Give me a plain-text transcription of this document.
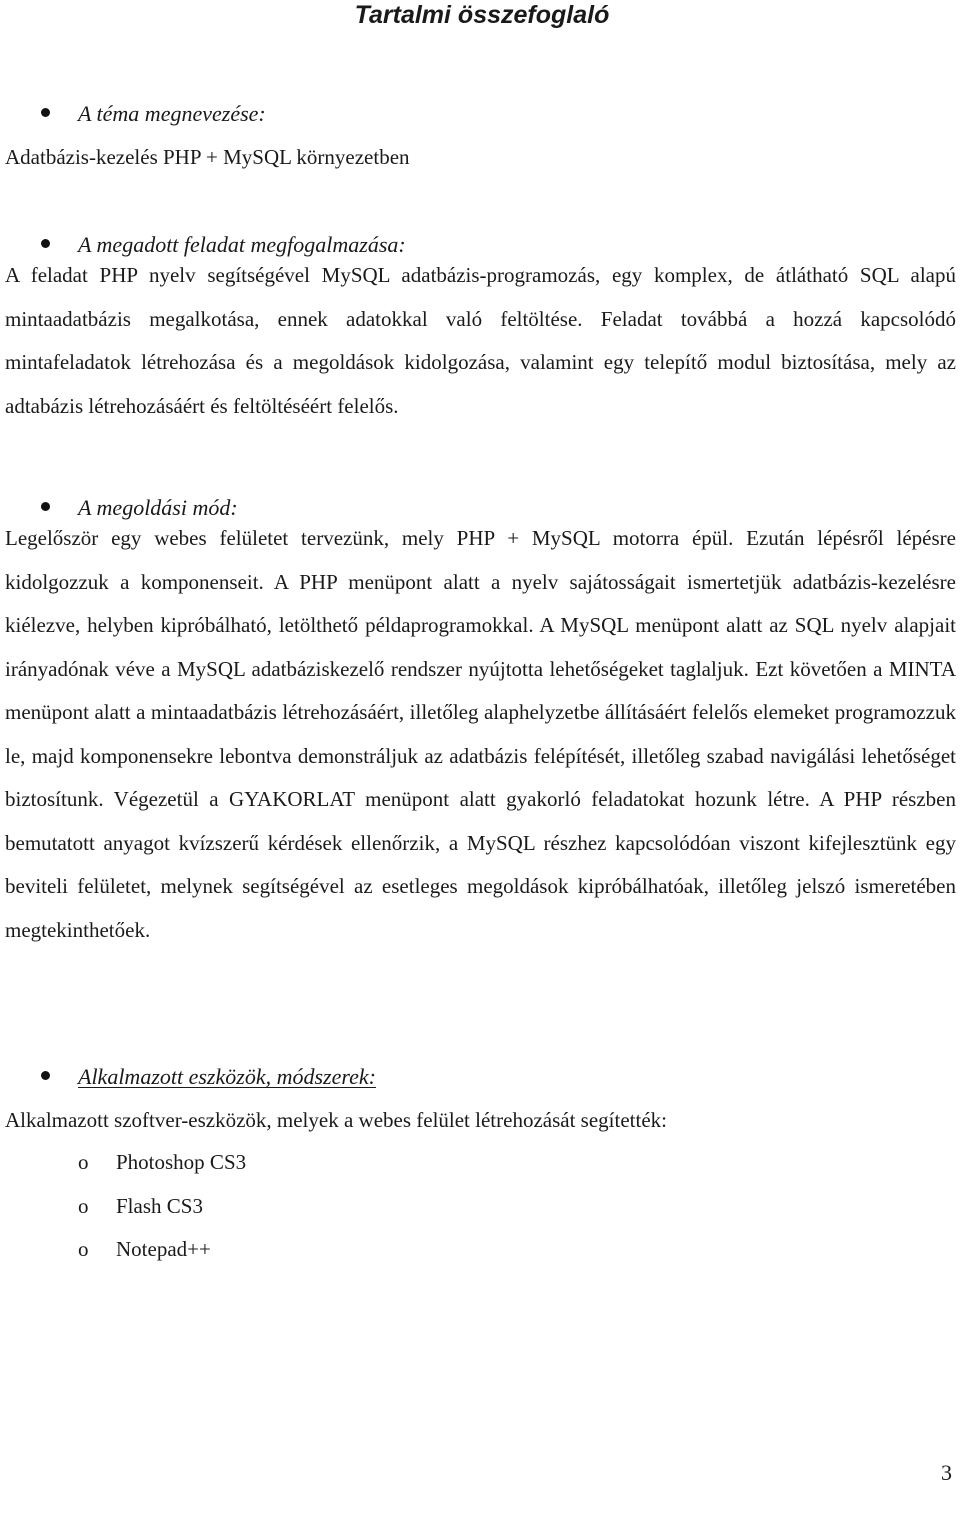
Tartalmi összefoglaló
A téma megnevezése:
Adatbázis-kezelés PHP + MySQL környezetben
A megadott feladat megfogalmazása:
A feladat PHP nyelv segítségével MySQL adatbázis-programozás, egy komplex, de átlátható SQL alapú mintaadatbázis megalkotása, ennek adatokkal való feltöltése. Feladat továbbá a hozzá kapcsolódó mintafeladatok létrehozása és a megoldások kidolgozása, valamint egy telepítő modul biztosítása, mely az adtabázis létrehozásáért és feltöltéséért felelős.
A megoldási mód:
Legelőször egy webes felületet tervezünk, mely PHP + MySQL motorra épül. Ezután lépésről lépésre kidolgozzuk a komponenseit. A PHP menüpont alatt a nyelv sajátosságait ismertetjük adatbázis-kezelésre kiélezve, helyben kipróbálható, letölthető példaprogramokkal. A MySQL menüpont alatt az SQL nyelv alapjait irányadónak véve a MySQL adatbáziskezelő rendszer nyújtotta lehetőségeket taglaljuk. Ezt követően a MINTA menüpont alatt a mintaadatbázis létrehozásáért, illetőleg alaphelyzetbe állításáért felelős elemeket programozzuk le, majd komponensekre lebontva demonstráljuk az adatbázis felépítését, illetőleg szabad navigálási lehetőséget biztosítunk. Végezetül a GYAKORLAT menüpont alatt gyakorló feladatokat hozunk létre. A PHP részben bemutatott anyagot kvízszerű kérdések ellenőrzik, a MySQL részhez kapcsolódóan viszont kifejlesztünk egy beviteli felületet, melynek segítségével az esetleges megoldások kipróbálhatóak, illetőleg jelszó ismeretében megtekinthetőek.
Alkalmazott eszközök, módszerek:
Alkalmazott szoftver-eszközök, melyek a webes felület létrehozását segítették:
o Photoshop CS3
o Flash CS3
o Notepad++
3
